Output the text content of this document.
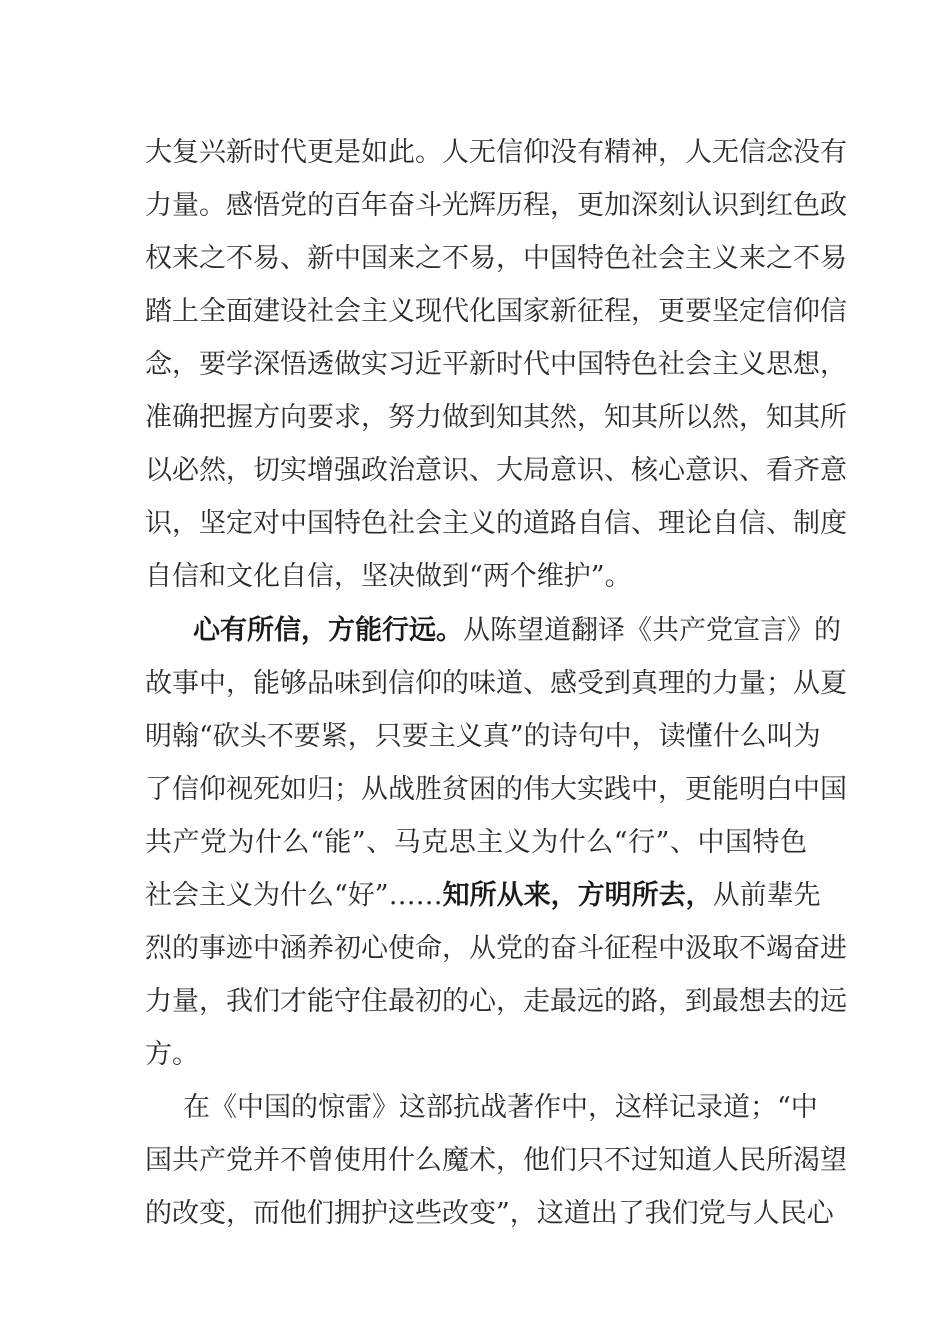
大复兴新时代更是如此。人无信仰没有精神，人无信念没有
力量。感悟党的百年奋斗光辉历程，更加深刻认识到红色政
权来之不易、新中国来之不易，中国特色社会主义来之不易
踏上全面建设社会主义现代化国家新征程，更要坚定信仰信
念，要学深悟透做实习近平新时代中国特色社会主义思想，
准确把握方向要求，努力做到知其然，知其所以然，知其所
以必然，切实增强政治意识、大局意识、核心意识、看齐意
识，坚定对中国特色社会主义的道路自信、理论自信、制度
自信和文化自信，坚决做到“两个维护”。
心有所信，方能行远。从陈望道翻译《共产党宣言》的
故事中，能够品味到信仰的味道、感受到真理的力量；从夏
明翰“砍头不要紧，只要主义真”的诗句中，读懂什么叫为
了信仰视死如归；从战胜贫困的伟大实践中，更能明白中国
共产党为什么“能”、马克思主义为什么“行”、中国特色
社会主义为什么“好”……知所从来，方明所去，从前辈先
烈的事迹中涵养初心使命，从党的奋斗征程中汲取不竭奋进
力量，我们才能守住最初的心，走最远的路，到最想去的远
方。
在《中国的惊雷》这部抗战著作中，这样记录道；“中
国共产党并不曾使用什么魔术，他们只不过知道人民所渴望
的改变，而他们拥护这些改变”，这道出了我们党与人民心
